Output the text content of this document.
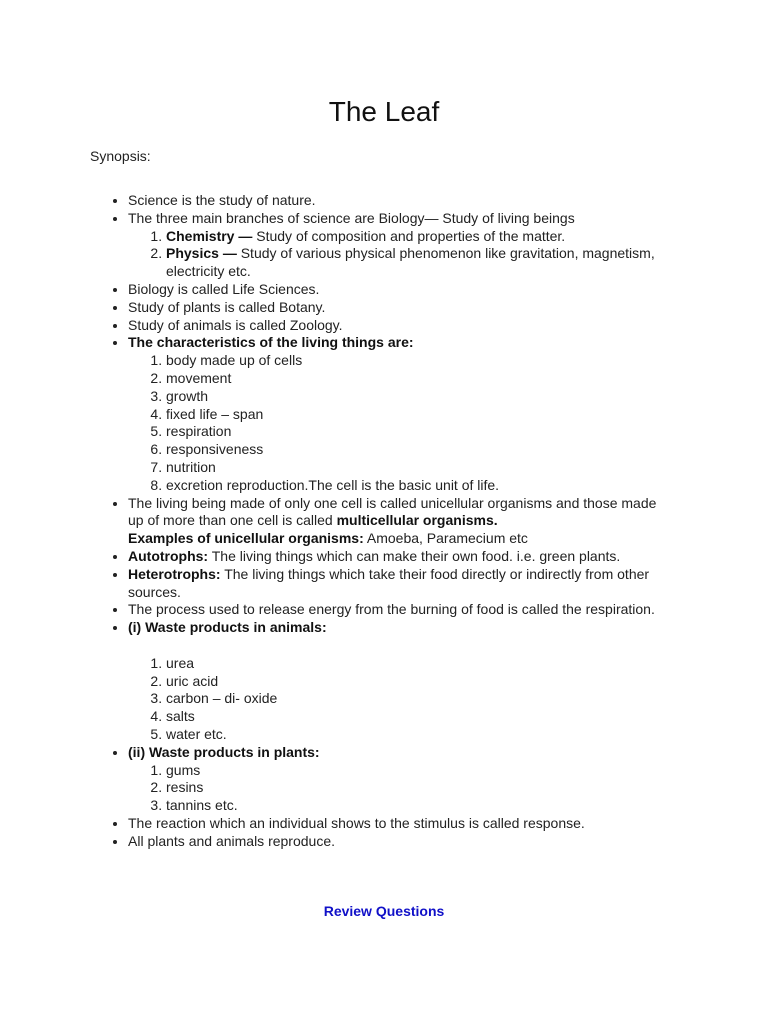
The Leaf

Synopsis:

• Science is the study of nature.
• The three main branches of science are Biology— Study of living beings
1. Chemistry — Study of composition and properties of the matter.
2. Physics — Study of various physical phenomenon like gravitation, magnetism, electricity etc.
• Biology is called Life Sciences.
• Study of plants is called Botany.
• Study of animals is called Zoology.
• The characteristics of the living things are:
1. body made up of cells
2. movement
3. growth
4. fixed life – span
5. respiration
6. responsiveness
7. nutrition
8. excretion reproduction.The cell is the basic unit of life.
• The living being made of only one cell is called unicellular organisms and those made up of more than one cell is called multicellular organisms.
Examples of unicellular organisms: Amoeba, Paramecium etc
• Autotrophs: The living things which can make their own food. i.e. green plants.
• Heterotrophs: The living things which take their food directly or indirectly from other sources.
• The process used to release energy from the burning of food is called the respiration.
• (i) Waste products in animals:
1. urea
2. uric acid
3. carbon – di- oxide
4. salts
5. water etc.
• (ii) Waste products in plants:
1. gums
2. resins
3. tannins etc.
• The reaction which an individual shows to the stimulus is called response.
• All plants and animals reproduce.
Review Questions
